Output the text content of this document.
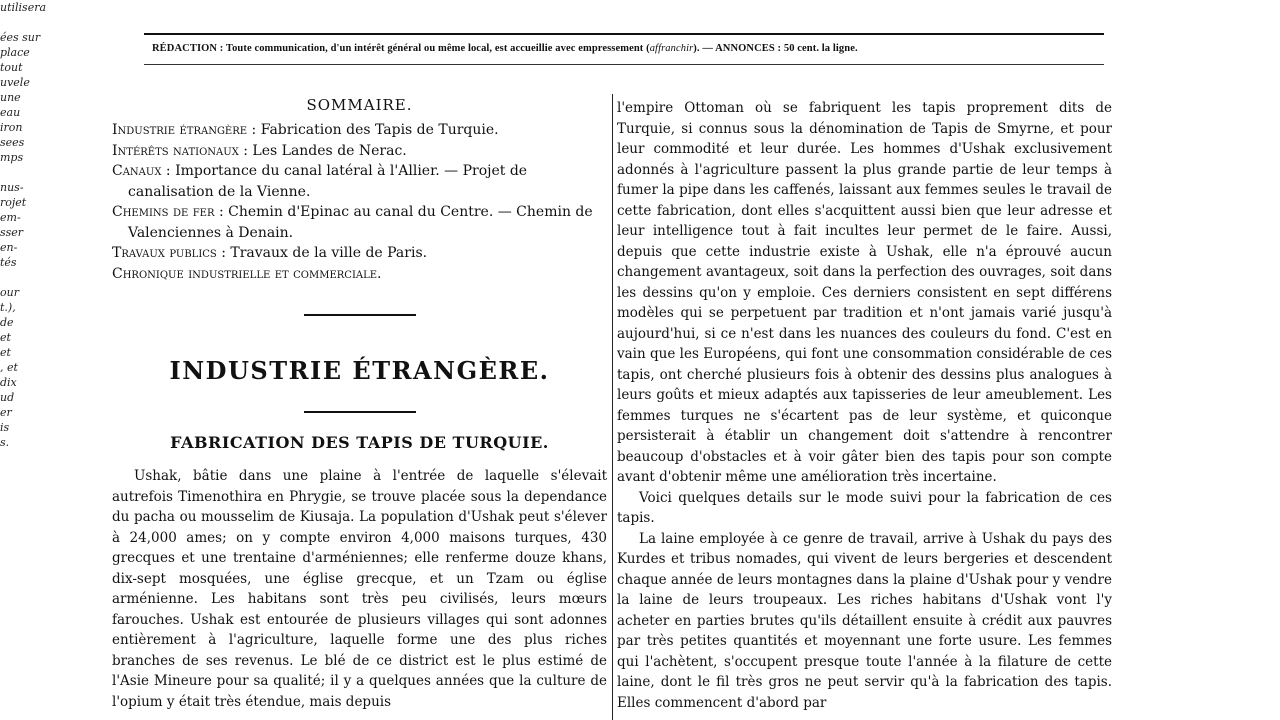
utilisera

ées sur
place
tout
uvele
une
eau
iron
sees
mps

nus-
rojet
em-
sser
en-
tés

our
t.),
de
et
et
, et
dix
ud
er
is
s.

RÉDACTION : Toute communication, d'un intérêt général ou même local, est accueillie avec empressement (affranchir). — ANNONCES : 50 cent. la ligne.
SOMMAIRE.
Industrie étrangère : Fabrication des Tapis de Turquie.
Intérêts nationaux : Les Landes de Nerac.
Canaux : Importance du canal latéral à l'Allier. — Projet de canalisation de la Vienne.
Chemins de fer : Chemin d'Epinac au canal du Centre. — Chemin de Valenciennes à Denain.
Travaux publics : Travaux de la ville de Paris.
Chronique industrielle et commerciale.
INDUSTRIE ÉTRANGÈRE.
FABRICATION DES TAPIS DE TURQUIE.

Ushak, bâtie dans une plaine à l'entrée de laquelle s'élevait autrefois Timenothira en Phrygie, se trouve placée sous la dependance du pacha ou mousselim de Kiusaja. La population d'Ushak peut s'élever à 24,000 ames; on y compte environ 4,000 maisons turques, 430 grecques et une trentaine d'arméniennes; elle renferme douze khans, dix-sept mosquées, une église grecque, et un Tzam ou église arménienne. Les habitans sont très peu civilisés, leurs mœurs farouches. Ushak est entourée de plusieurs villages qui sont adonnes entièrement à l'agriculture, laquelle forme une des plus riches branches de ses revenus. Le blé de ce district est le plus estimé de l'Asie Mineure pour sa qualité; il y a quelques années que la culture de l'opium y était très étendue, mais depuis

l'empire Ottoman où se fabriquent les tapis proprement dits de Turquie, si connus sous la dénomination de Tapis de Smyrne, et pour leur commodité et leur durée. Les hommes d'Ushak exclusivement adonnés à l'agriculture passent la plus grande partie de leur temps à fumer la pipe dans les caffenés, laissant aux femmes seules le travail de cette fabrication, dont elles s'acquittent aussi bien que leur adresse et leur intelligence tout à fait incultes leur permet de le faire. Aussi, depuis que cette industrie existe à Ushak, elle n'a éprouvé aucun changement avantageux, soit dans la perfection des ouvrages, soit dans les dessins qu'on y emploie. Ces derniers consistent en sept différens modèles qui se perpetuent par tradition et n'ont jamais varié jusqu'à aujourd'hui, si ce n'est dans les nuances des couleurs du fond. C'est en vain que les Européens, qui font une consommation considérable de ces tapis, ont cherché plusieurs fois à obtenir des dessins plus analogues à leurs goûts et mieux adaptés aux tapisseries de leur ameublement. Les femmes turques ne s'écartent pas de leur système, et quiconque persisterait à établir un changement doit s'attendre à rencontrer beaucoup d'obstacles et à voir gâter bien des tapis pour son compte avant d'obtenir même une amélioration très incertaine.

Voici quelques details sur le mode suivi pour la fabrication de ces tapis.

La laine employée à ce genre de travail, arrive à Ushak du pays des Kurdes et tribus nomades, qui vivent de leurs bergeries et descendent chaque année de leurs montagnes dans la plaine d'Ushak pour y vendre la laine de leurs troupeaux. Les riches habitans d'Ushak vont l'y acheter en parties brutes qu'ils détaillent ensuite à crédit aux pauvres par très petites quantités et moyennant une forte usure. Les femmes qui l'achètent, s'occupent presque toute l'année à la filature de cette laine, dont le fil très gros ne peut servir qu'à la fabrication des tapis. Elles commencent d'abord par
